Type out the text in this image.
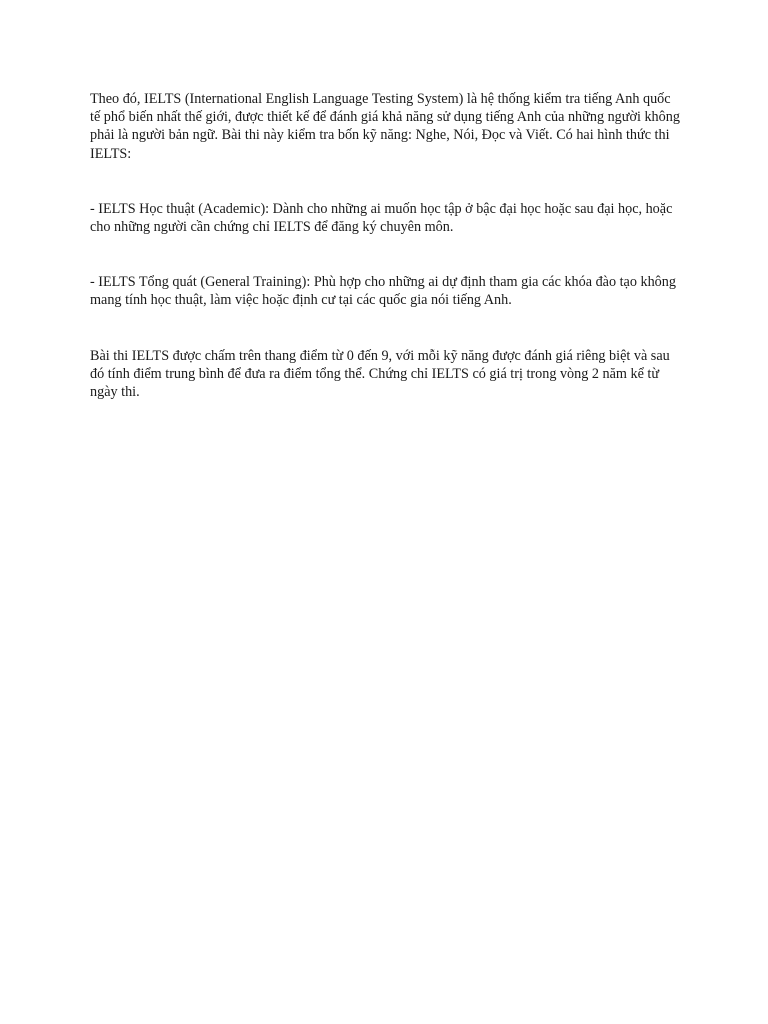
Theo đó, IELTS (International English Language Testing System) là hệ thống kiểm tra tiếng Anh quốc tế phổ biến nhất thế giới, được thiết kế để đánh giá khả năng sử dụng tiếng Anh của những người không phải là người bản ngữ. Bài thi này kiểm tra bốn kỹ năng: Nghe, Nói, Đọc và Viết. Có hai hình thức thi IELTS:

- IELTS Học thuật (Academic): Dành cho những ai muốn học tập ở bậc đại học hoặc sau đại học, hoặc cho những người cần chứng chỉ IELTS để đăng ký chuyên môn.

- IELTS Tổng quát (General Training): Phù hợp cho những ai dự định tham gia các khóa đào tạo không mang tính học thuật, làm việc hoặc định cư tại các quốc gia nói tiếng Anh.

Bài thi IELTS được chấm trên thang điểm từ 0 đến 9, với mỗi kỹ năng được đánh giá riêng biệt và sau đó tính điểm trung bình để đưa ra điểm tổng thể. Chứng chỉ IELTS có giá trị trong vòng 2 năm kể từ ngày thi.
